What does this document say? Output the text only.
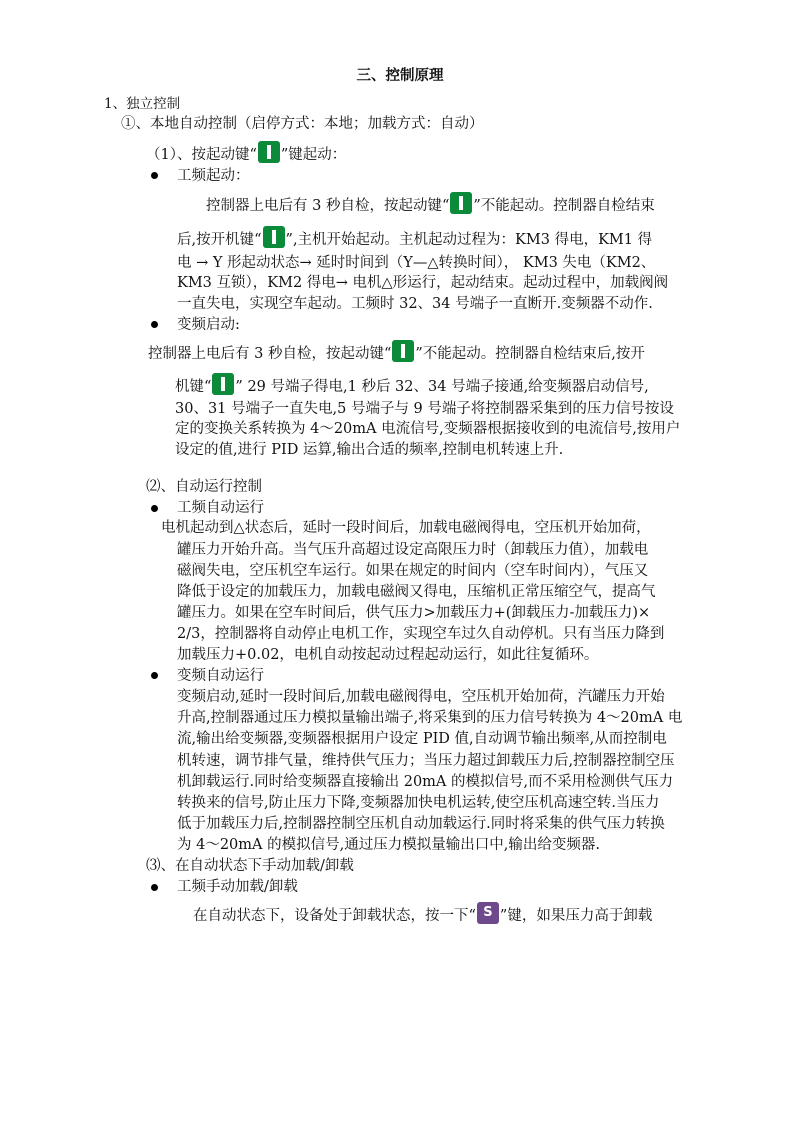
三、控制原理
1、独立控制
①、本地自动控制（启停方式：本地；加载方式：自动）
（1）、按起动键“ ”键起动：
工频起动：
控制器上电后有 3 秒自检，按起动键“ ”不能起动。控制器自检结束
后,按开机键“ ”,主机开始起动。主机起动过程为：KM3 得电，KM1 得
电 → Y 形起动状态→ 延时时间到（Y—△转换时间）， KM3 失电（KM2、
KM3 互锁），KM2 得电→ 电机△形运行，起动结束。起动过程中，加载阀阀
一直失电，实现空车起动。工频时 32、34 号端子一直断开.变频器不动作.
变频启动:
控制器上电后有 3 秒自检，按起动键“ ”不能起动。控制器自检结束后,按开
机键“ ” 29 号端子得电,1 秒后 32、34 号端子接通,给变频器启动信号,
30、31 号端子一直失电,5 号端子与 9 号端子将控制器采集到的压力信号按设
定的变换关系转换为 4～20mA 电流信号,变频器根据接收到的电流信号,按用户
设定的值,进行 PID 运算,输出合适的频率,控制电机转速上升.
⑵、自动运行控制
工频自动运行
电机起动到△状态后，延时一段时间后，加载电磁阀得电，空压机开始加荷，
罐压力开始升高。当气压升高超过设定高限压力时（卸载压力值），加载电
磁阀失电，空压机空车运行。如果在规定的时间内（空车时间内），气压又
降低于设定的加载压力，加载电磁阀又得电，压缩机正常压缩空气，提高气
罐压力。如果在空车时间后，供气压力>加载压力+(卸载压力-加载压力)×
2/3，控制器将自动停止电机工作，实现空车过久自动停机。只有当压力降到
加载压力+0.02，电机自动按起动过程起动运行，如此往复循环。
变频自动运行
变频启动,延时一段时间后,加载电磁阀得电，空压机开始加荷，汽罐压力开始
升高,控制器通过压力模拟量输出端子,将采集到的压力信号转换为 4～20mA 电
流,输出给变频器,变频器根据用户设定 PID 值,自动调节输出频率,从而控制电
机转速，调节排气量，维持供气压力；当压力超过卸载压力后,控制器控制空压
机卸载运行.同时给变频器直接输出 20mA 的模拟信号,而不采用检测供气压力
转换来的信号,防止压力下降,变频器加快电机运转,使空压机高速空转.当压力
低于加载压力后,控制器控制空压机自动加载运行.同时将采集的供气压力转换
为 4～20mA 的模拟信号,通过压力模拟量输出口中,输出给变频器.
⑶、在自动状态下手动加载/卸载
工频手动加载/卸载
在自动状态下，设备处于卸载状态，按一下“ S ”键，如果压力高于卸载
